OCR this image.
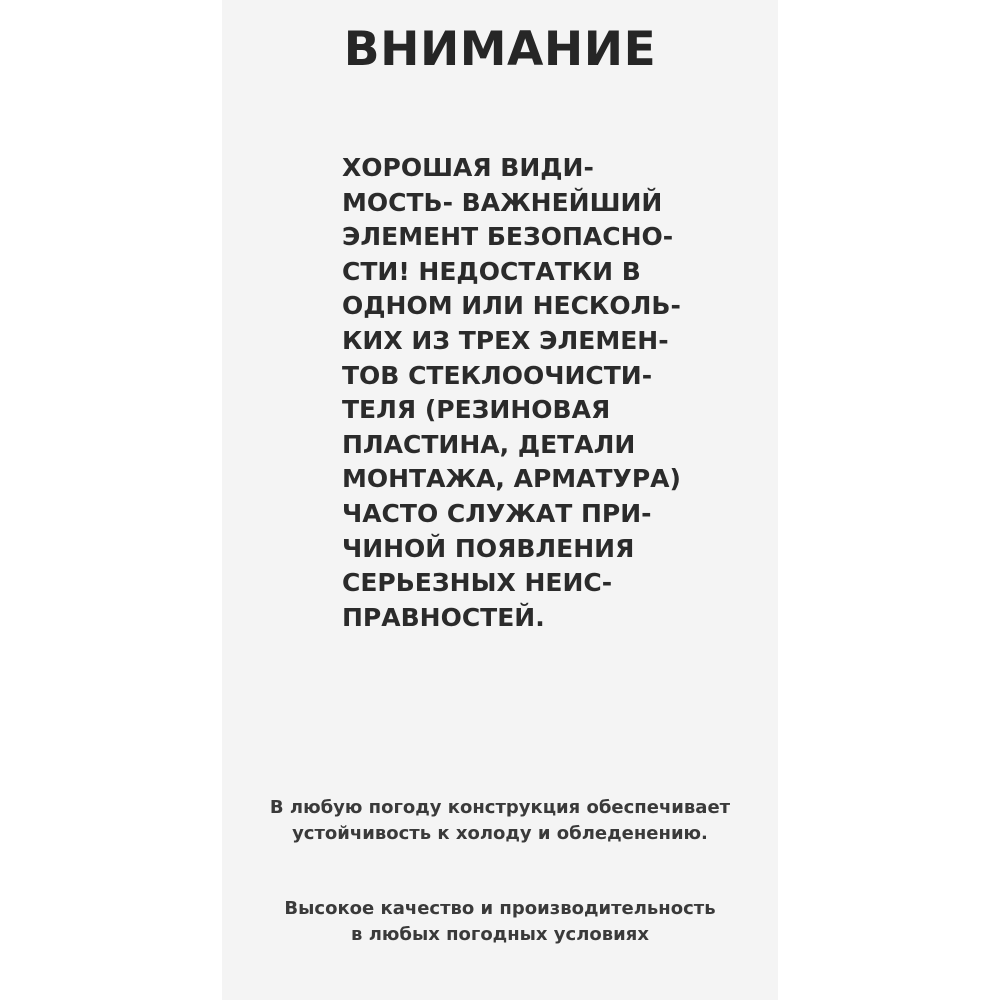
ВНИМАНИЕ
ХОРОШАЯ ВИДИ-
МОСТЬ- ВАЖНЕЙШИЙ
ЭЛЕМЕНТ БЕЗОПАСНО-
СТИ! НЕДОСТАТКИ В
ОДНОМ ИЛИ НЕСКОЛЬ-
КИХ ИЗ ТРЕХ ЭЛЕМЕН-
ТОВ СТЕКЛООЧИСТИ-
ТЕЛЯ (РЕЗИНОВАЯ
ПЛАСТИНА, ДЕТАЛИ
МОНТАЖА, АРМАТУРА)
ЧАСТО СЛУЖАТ ПРИ-
ЧИНОЙ ПОЯВЛЕНИЯ
СЕРЬЕЗНЫХ НЕИС-
ПРАВНОСТЕЙ.
В любую погоду конструкция обеспечивает
устойчивость к холоду и обледенению.
Высокое качество и производительность
в любых погодных условиях
